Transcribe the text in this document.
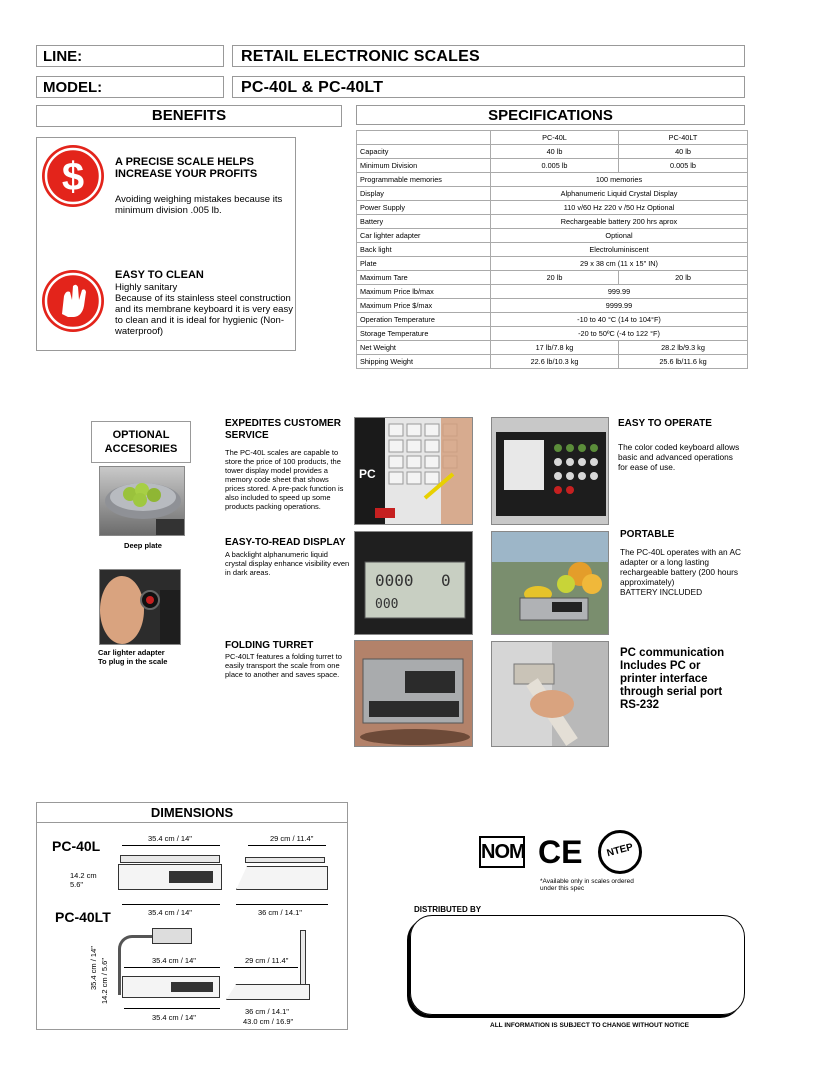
LINE:	RETAIL ELECTRONIC SCALES
MODEL:	PC-40L & PC-40LT
BENEFITS	SPECIFICATIONS
$	A PRECISE SCALE HELPS INCREASE YOUR PROFITS
Avoiding weighing mistakes because its minimum division .005 lb.
EASY TO CLEAN
Highly sanitary
Because of its stainless steel construction and its membrane keyboard it is very easy to clean and it is ideal for hygienic (Non-waterproof)
	PC-40L	PC-40LT
Capacity	40 lb	40 lb
Minimum Division	0.005 lb	0.005 lb
Programmable memories	100 memories	
Display	Alphanumeric Liquid Crystal Display	
Power Supply	110 v/60 Hz 220 v /50 Hz Optional	
Battery	Rechargeable battery 200 hrs aprox	
Car lighter adapter	Optional	
Back light	Electroluminiscent	
Plate	29 x 38 cm (11 x 15" IN)	
Maximum Tare	20 lb	20 lb
Maximum Price lb/max	999.99	
Maximum Price $/max	9999.99	
Operation Temperature	-10 to 40 °C (14 to 104°F)	
Storage Temperature	-20 to 50ºC (-4 to 122 °F)	
Net Weight	17 lb/7.8 kg	28.2 lb/9.3 kg
Shipping Weight	22.6 lb/10.3 kg	25.6 lb/11.6 kg
OPTIONAL ACCESORIES
Deep plate
Car lighter adapter
To plug in the scale
EXPEDITES CUSTOMER SERVICE
The PC-40L scales are capable to store the price of 100 products, the tower display model provides a memory code sheet that shows prices stored. A pre-pack function is also included to speed up some products packing operations.
EASY-TO-READ DISPLAY
A backlight alphanumeric liquid crystal display enhance visibility even in dark areas.
FOLDING TURRET
PC-40LT features a folding turret to easily transport the scale from one place to another and saves space.
PC
0000
000
0
EASY TO OPERATE
The color coded keyboard allows basic and advanced operations for ease of use.
PORTABLE
The PC-40L operates with an AC adapter or a long lasting rechargeable battery (200 hours approximately)
BATTERY INCLUDED
PC communication Includes PC or printer interface through serial port RS-232
DIMENSIONS
PC-40L
PC-40LT
35.4 cm / 14"
14.2 cm
5.6"
35.4 cm / 14"
29 cm / 11.4"
36 cm / 14.1"
35.4 cm / 14" 14.2 cm / 5.6"	35.4 cm / 14"
35.4 cm / 14"
29 cm / 11.4"
36 cm / 14.1"
43.0 cm / 16.9"
NOM CE	NTEP
*Available only in scales ordered under this spec
DISTRIBUTED BY
ALL INFORMATION IS SUBJECT TO CHANGE WITHOUT NOTICE
